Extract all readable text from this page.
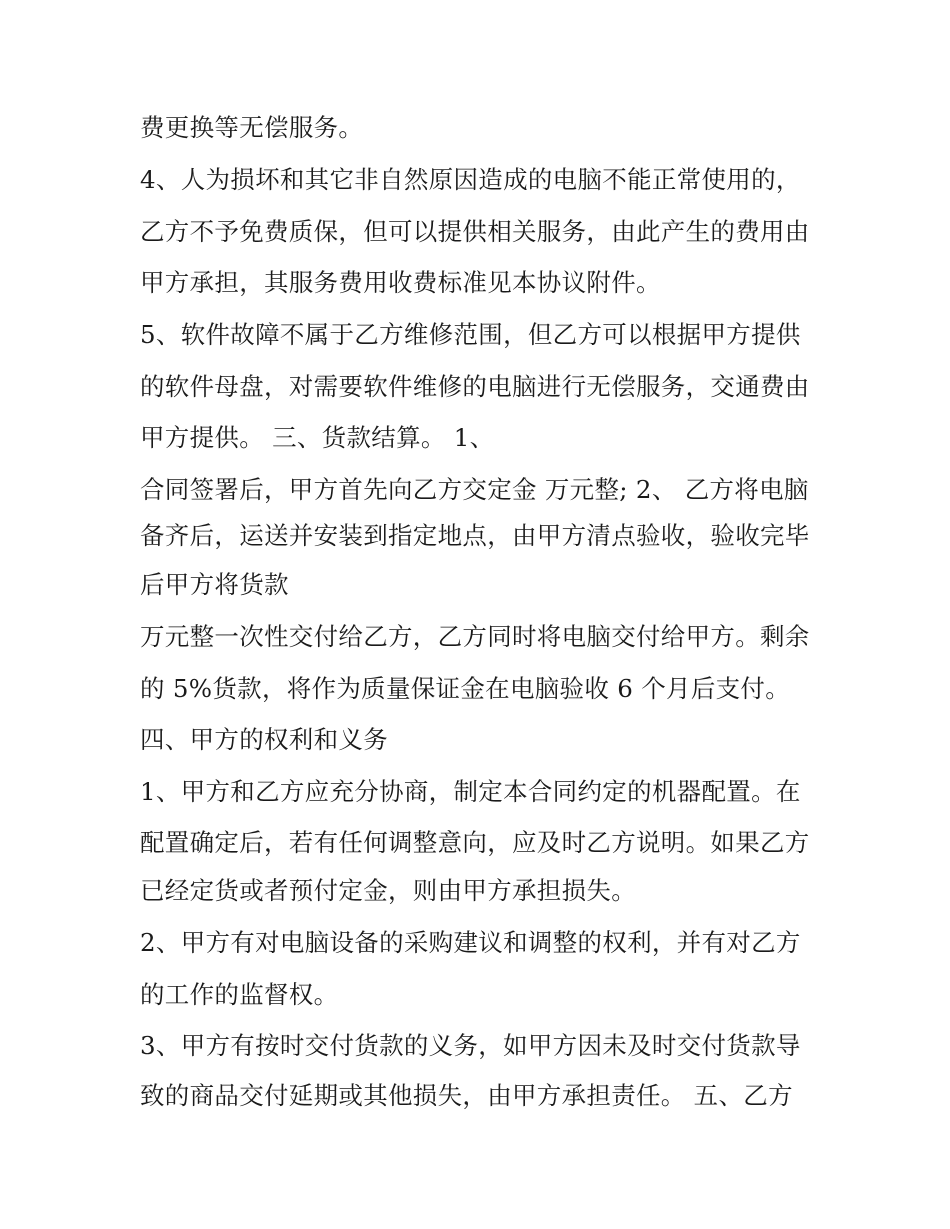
费更换等无偿服务。

4、人为损坏和其它非自然原因造成的电脑不能正常使用的，

乙方不予免费质保，但可以提供相关服务，由此产生的费用由

甲方承担，其服务费用收费标准见本协议附件。

5、软件故障不属于乙方维修范围，但乙方可以根据甲方提供

的软件母盘，对需要软件维修的电脑进行无偿服务，交通费由

甲方提供。 三、货款结算。 1、

合同签署后，甲方首先向乙方交定金 万元整; 2、 乙方将电脑

备齐后，运送并安装到指定地点，由甲方清点验收，验收完毕

后甲方将货款

万元整一次性交付给乙方，乙方同时将电脑交付给甲方。剩余

的 5%货款，将作为质量保证金在电脑验收 6 个月后支付。

四、甲方的权利和义务

1、甲方和乙方应充分协商，制定本合同约定的机器配置。在

配置确定后，若有任何调整意向，应及时乙方说明。如果乙方

已经定货或者预付定金，则由甲方承担损失。

2、甲方有对电脑设备的采购建议和调整的权利，并有对乙方

的工作的监督权。

3、甲方有按时交付货款的义务，如甲方因未及时交付货款导

致的商品交付延期或其他损失，由甲方承担责任。 五、乙方
